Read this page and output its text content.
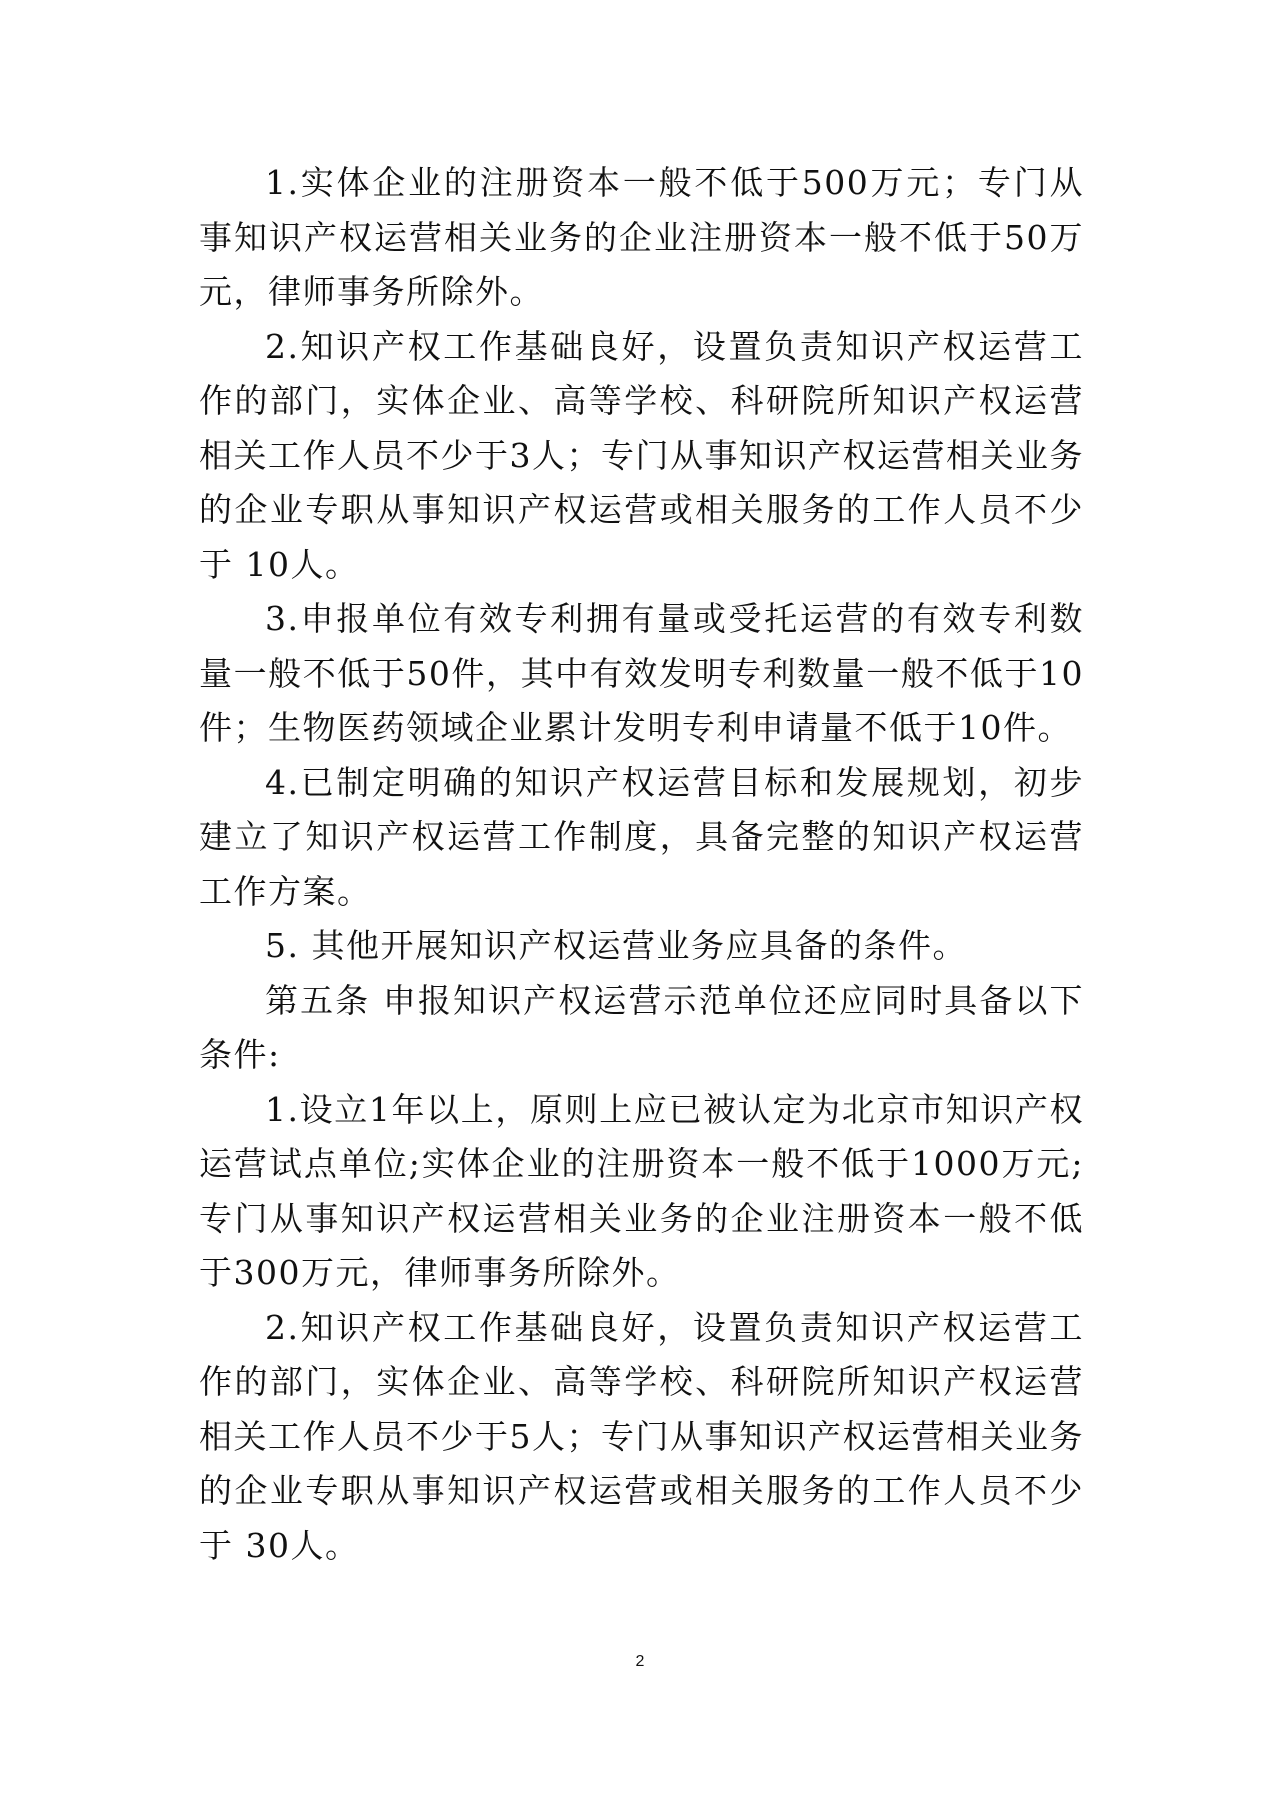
1.实体企业的注册资本一般不低于500万元；专门从事知识产权运营相关业务的企业注册资本一般不低于50万元，律师事务所除外。

2.知识产权工作基础良好，设置负责知识产权运营工作的部门，实体企业、高等学校、科研院所知识产权运营相关工作人员不少于3人；专门从事知识产权运营相关业务的企业专职从事知识产权运营或相关服务的工作人员不少于 10人。

3.申报单位有效专利拥有量或受托运营的有效专利数量一般不低于50件，其中有效发明专利数量一般不低于10件；生物医药领域企业累计发明专利申请量不低于10件。

4.已制定明确的知识产权运营目标和发展规划，初步建立了知识产权运营工作制度，具备完整的知识产权运营工作方案。

5. 其他开展知识产权运营业务应具备的条件。

第五条 申报知识产权运营示范单位还应同时具备以下条件:

1.设立1年以上，原则上应已被认定为北京市知识产权运营试点单位;实体企业的注册资本一般不低于1000万元;专门从事知识产权运营相关业务的企业注册资本一般不低于300万元，律师事务所除外。

2.知识产权工作基础良好，设置负责知识产权运营工作的部门，实体企业、高等学校、科研院所知识产权运营相关工作人员不少于5人；专门从事知识产权运营相关业务的企业专职从事知识产权运营或相关服务的工作人员不少于 30人。

2
